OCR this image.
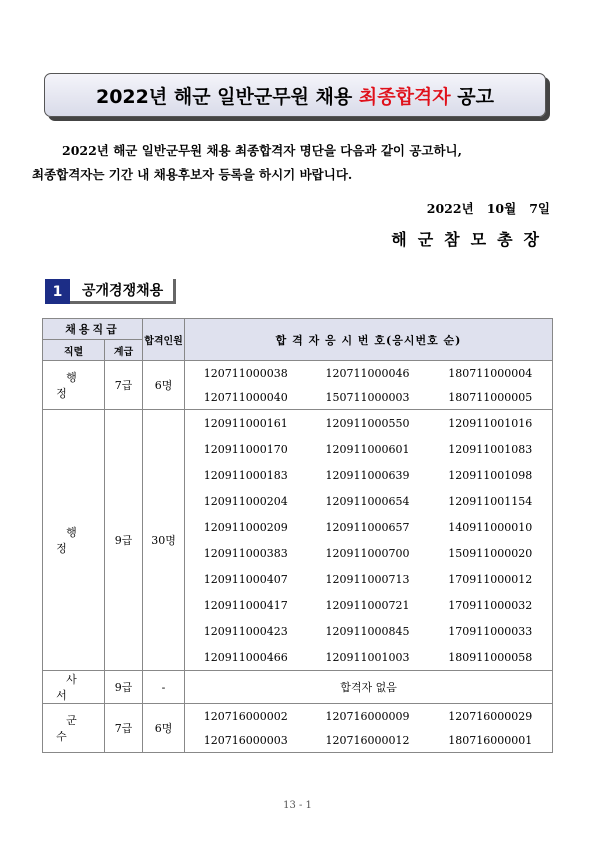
2022년 해군 일반군무원 채용
최종합격자
공고
2022년 해군 일반군무원 채용 최종합격자 명단을 다음과 같이 공고하니,
최종합격자는 기간 내 채용후보자 등록을 하시기 바랍니다.
2022년   10월   7일
해군참모총장
1	공개경쟁채용
채용직급		합격인원	합 격 자 응 시 번 호(응시번호 순)		
직렬	계급				
행정	7급	6명	120711000038	120711000046	180711000004
			120711000040	150711000003	180711000005
행정	9급	30명	120911000161	120911000550	120911001016
			120911000170	120911000601	120911001083
			120911000183	120911000639	120911001098
			120911000204	120911000654	120911001154
			120911000209	120911000657	140911000010
			120911000383	120911000700	150911000020
			120911000407	120911000713	170911000012
			120911000417	120911000721	170911000032
			120911000423	120911000845	170911000033
			120911000466	120911001003	180911000058
사서	9급	-	합격자 없음		
군수	7급	6명	120716000002	120716000009	120716000029
			120716000003	120716000012	180716000001
13 - 1
